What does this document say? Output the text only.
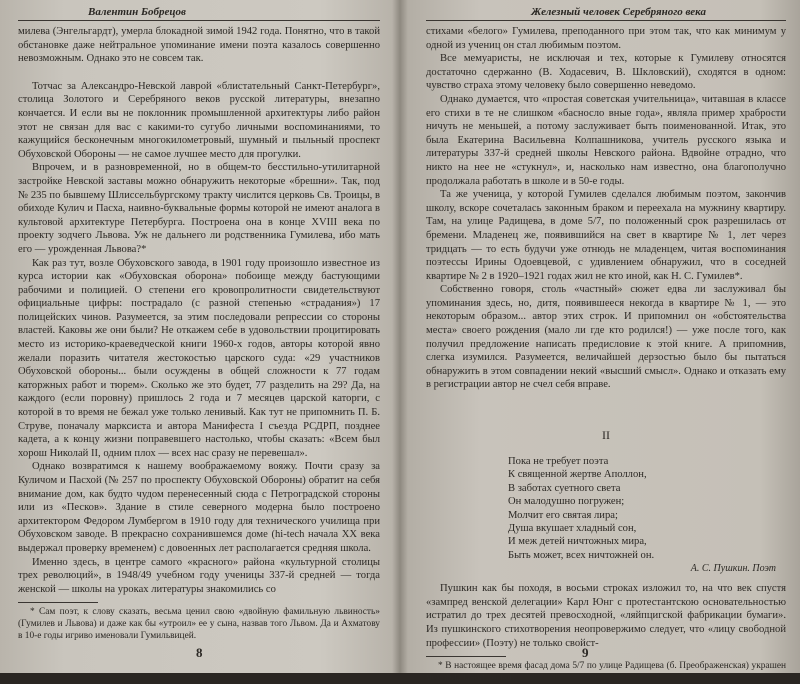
Валентин Бобрецов

милева (Энгельгардт), умерла блокадной зимой 1942 года. Понятно, что в такой обстановке даже нейтральное упоминание имени поэта казалось совершенно невозможным. Однако это не совсем так.

Тотчас за Александро-Невской лаврой «блистательный Санкт-Петербург», столица Золотого и Серебряного веков русской литературы, внезапно кончается. И если вы не поклонник промышленной архитектуры либо район этот не связан для вас с какими-то сугубо личными воспоминаниями, то кажущийся бесконечным многокилометровый, шумный и пыльный проспект Обуховской Обороны — не самое лучшее место для прогулки.

Впрочем, и в разновременной, но в общем-то бесстильно-утилитарной застройке Невской заставы можно обнаружить некоторые «брешни». Так, под № 235 по бывшему Шлиссельбургскому тракту числится церковь Св. Троицы, в обиходе Кулич и Пасха, наивно-буквальные формы которой не имеют аналога в культовой архитектуре Петербурга. Построена она в конце XVIII века по проекту зодчего Львова. Уж не дальнего ли родственника Гумилева, ибо мать его — урожденная Львова?*

Как раз тут, возле Обуховского завода, в 1901 году произошло известное из курса истории как «Обуховская оборона» побоище между бастующими рабочими и полицией. О степени его кровопролитности свидетельствуют официальные цифры: пострадало (с разной степенью «страдания») 17 полицейских чинов. Разумеется, за этим последовали репрессии со стороны властей. Каковы же они были? Не откажем себе в удовольствии процитировать место из историко-краеведческой книги 1960-х годов, авторы которой явно желали поразить читателя жестокостью царского суда: «29 участников Обуховской обороны... были осуждены в общей сложности к 77 годам каторжных работ и тюрем». Сколько же это будет, 77 разделить на 29? Да, на каждого (если поровну) пришлось 2 года и 7 месяцев царской каторги, с которой в то время не бежал уже только ленивый. Как тут не припомнить П. Б. Струве, поначалу марксиста и автора Манифеста I съезда РСДРП, позднее кадета, а к концу жизни поправевшего настолько, чтобы сказать: «Всем был хорош Николай II, одним плох — всех нас сразу не перевешал».

Однако возвратимся к нашему воображаемому вояжу. Почти сразу за Куличом и Пасхой (№ 257 по проспекту Обуховской Обороны) обратит на себя внимание дом, как будто чудом перенесенный сюда с Петроградской стороны или из «Песков». Здание в стиле северного модерна было построено архитектором Федором Лумбергом в 1910 году для технического училища при Обуховском заводе. В прекрасно сохранившемся доме (hi-tech начала XX века выдержал проверку временем) с довоенных лет располагается средняя школа.

Именно здесь, в центре самого «красного» района «культурной столицы трех революций», в 1948/49 учебном году ученицы 337-й средней — тогда женской — школы на уроках литературы знакомились со

* Сам поэт, к слову сказать, весьма ценил свою «двойную фамильную львиность» (Гумилев и Львова) и даже как бы «утроил» ее у сына, назвав того Львом. Да и Ахматову в 10-е годы игриво именовали Гумильвицей.

8
Железный человек Серебряного века

стихами «белого» Гумилева, преподанного при этом так, что как минимум у одной из учениц он стал любимым поэтом.

Все мемуаристы, не исключая и тех, которые к Гумилеву относятся достаточно сдержанно (В. Ходасевич, В. Шкловский), сходятся в одном: чувство страха этому человеку было совершенно неведомо.

Однако думается, что «простая советская учительница», читавшая в классе его стихи в те не слишком «басносло вные года», являла пример храбрости ничуть не меньшей, а потому заслуживает быть поименованной. Итак, это была Екатерина Васильевна Колпашникова, учитель русского языка и литературы 337-й средней школы Невского района. Вдвойне отрадно, что никто на нее не «стукнул», и, насколько нам известно, она благополучно продолжала работать в школе и в 50-е годы.

Та же ученица, у которой Гумилев сделался любимым поэтом, закончив школу, вскоре сочеталась законным браком и переехала на мужнину квартиру. Там, на улице Радищева, в доме 5/7, по положенный срок разрешилась от бремени. Младенец же, появившийся на свет в квартире № 1, лет через тридцать — то есть будучи уже отнюдь не младенцем, читая воспоминания поэтессы Ирины Одоевцевой, с удивлением обнаружил, что в соседней квартире № 2 в 1920–1921 годах жил не кто иной, как Н. С. Гумилев*.

Собственно говоря, столь «частный» сюжет едва ли заслуживал бы упоминания здесь, но, дитя, появившееся некогда в квартире № 1, — это некоторым образом... автор этих строк. И припомнил он «обстоятельства места» своего рождения (мало ли где кто родился!) — уже после того, как получил предложение написать предисловие к этой книге. А припомнив, слегка изумился. Разумеется, величайшей дерзостью было бы пытаться обнаружить в этом совпадении некий «высший смысл». Однако и отказать ему в регистрации автор не счел себя вправе.

II
Пока не требует поэта
К священной жертве Аполлон,
В заботах суетного света
Он малодушно погружен;
Молчит его святая лира;
Душа вкушает хладный сон,
И меж детей ничтожных мира,
Быть может, всех ничтожней он.
А. С. Пушкин. Поэт

Пушкин как бы походя, в восьми строках изложил то, на что век спустя «зампред венской делегации» Карл Юнг с протестантскою основательностью истратил до трех десятей превосходной, «ляйпцигской фабрикации бумаги». Из пушкинского стихотворения неопровержимо следует, что «лицу свободной профессии» (Поэту) не только свойст-

* В настоящее время фасад дома 5/7 по улице Радищева (б. Преображенская) украшен мемориальной доской.

9
